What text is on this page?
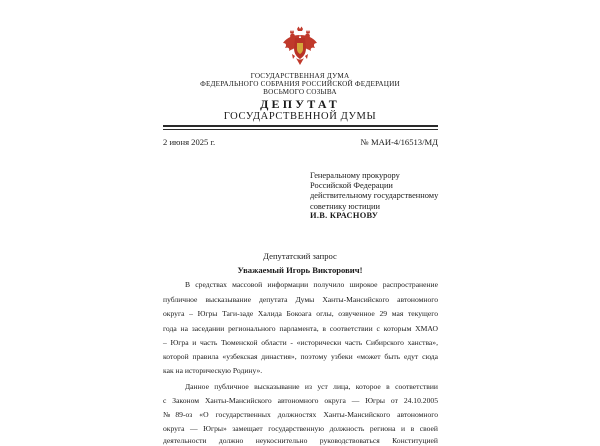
ГОСУДАРСТВЕННАЯ ДУМА
ФЕДЕРАЛЬНОГО СОБРАНИЯ РОССИЙСКОЙ ФЕДЕРАЦИИ
ВОСЬМОГО СОЗЫВА
ДЕПУТАТ
ГОСУДАРСТВЕННОЙ ДУМЫ
2 июня 2025 г.	№ МАИ-4/16513/МД
Генеральному прокурору
Российской Федерации
действительному государственному
советнику юстиции
И.В. КРАСНОВУ
Депутатский запрос
Уважаемый Игорь Викторович!
В средствах массовой информации получило широкое распространение
публичное высказывание депутата Думы Ханты-Мансийского автономного
округа – Югры Таги-заде Халида Бокоага оглы, озвученное 29 мая текущего
года на заседании регионального парламента, в соответствии с которым ХМАО
– Югра и часть Тюменской области - «исторически часть Сибирского ханства»,
которой правила «узбекская династия», поэтому узбеки «может быть едут сюда
как на историческую Родину».
Данное публичное высказывание из уст лица, которое в соответствии
с Законом Ханты-Мансийского автономного округа — Югры от 24.10.2005
№89-оз «О государственных должностях Ханты-Мансийского автономного
округа — Югры» замещает государственную должность региона и в своей
деятельности должно неукоснительно руководствоваться Конституцией
